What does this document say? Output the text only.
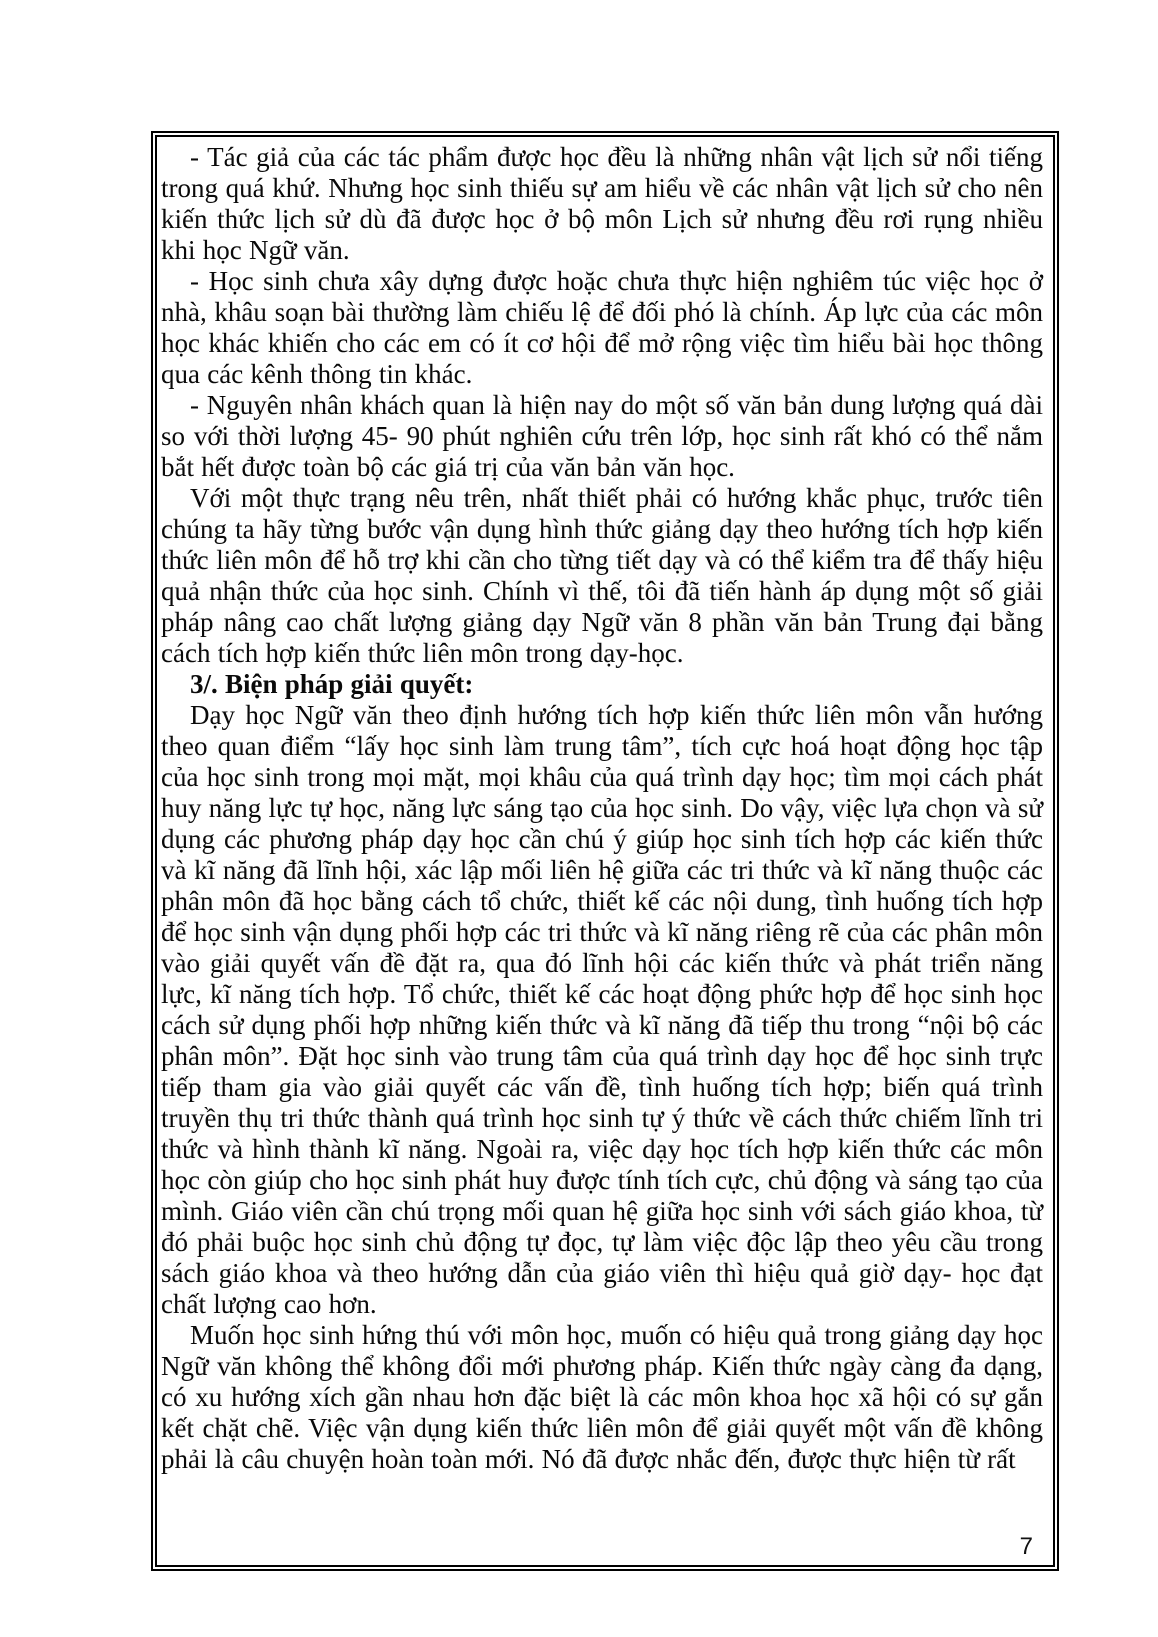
- Tác giả của các tác phẩm được học đều là những nhân vật lịch sử nổi tiếng trong quá khứ. Nhưng học sinh thiếu sự am hiểu về các nhân vật lịch sử cho nên kiến thức lịch sử dù đã được học ở bộ môn Lịch sử nhưng đều rơi rụng nhiều khi học Ngữ văn.

- Học sinh chưa xây dựng được hoặc chưa thực hiện nghiêm túc việc học ở nhà, khâu soạn bài thường làm chiếu lệ để đối phó là chính. Áp lực của các môn học khác khiến cho các em có ít cơ hội để mở rộng việc tìm hiểu bài học thông qua các kênh thông tin khác.

- Nguyên nhân khách quan là hiện nay do một số văn bản dung lượng quá dài so với thời lượng 45- 90 phút nghiên cứu trên lớp, học sinh rất khó có thể nắm bắt hết được toàn bộ các giá trị của văn bản văn học.

Với một thực trạng nêu trên, nhất thiết phải có hướng khắc phục, trước tiên chúng ta hãy từng bước vận dụng hình thức giảng dạy theo hướng tích hợp kiến thức liên môn để hỗ trợ khi cần cho từng tiết dạy và có thể kiểm tra để thấy hiệu quả nhận thức của học sinh. Chính vì thế, tôi đã tiến hành áp dụng một số giải pháp nâng cao chất lượng giảng dạy Ngữ văn 8 phần văn bản Trung đại bằng cách tích hợp kiến thức liên môn trong dạy-học.

3/. Biện pháp giải quyết:

Dạy học Ngữ văn theo định hướng tích hợp kiến thức liên môn vẫn hướng theo quan điểm “lấy học sinh làm trung tâm”, tích cực hoá hoạt động học tập của học sinh trong mọi mặt, mọi khâu của quá trình dạy học; tìm mọi cách phát huy năng lực tự học, năng lực sáng tạo của học sinh. Do vậy, việc lựa chọn và sử dụng các phương pháp dạy học cần chú ý giúp học sinh tích hợp các kiến thức và kĩ năng đã lĩnh hội, xác lập mối liên hệ giữa các tri thức và kĩ năng thuộc các phân môn đã học bằng cách tổ chức, thiết kế các nội dung, tình huống tích hợp để học sinh vận dụng phối hợp các tri thức và kĩ năng riêng rẽ của các phân môn vào giải quyết vấn đề đặt ra, qua đó lĩnh hội các kiến thức và phát triển năng lực, kĩ năng tích hợp. Tổ chức, thiết kế các hoạt động phức hợp để học sinh học cách sử dụng phối hợp những kiến thức và kĩ năng đã tiếp thu trong “nội bộ các phân môn”. Đặt học sinh vào trung tâm của quá trình dạy học để học sinh trực tiếp tham gia vào giải quyết các vấn đề, tình huống tích hợp; biến quá trình truyền thụ tri thức thành quá trình học sinh tự ý thức về cách thức chiếm lĩnh tri thức và hình thành kĩ năng. Ngoài ra, việc dạy học tích hợp kiến thức các môn học còn giúp cho học sinh phát huy được tính tích cực, chủ động và sáng tạo của mình. Giáo viên cần chú trọng mối quan hệ giữa học sinh với sách giáo khoa, từ đó phải buộc học sinh chủ động tự đọc, tự làm việc độc lập theo yêu cầu trong sách giáo khoa và theo hướng dẫn của giáo viên thì hiệu quả giờ dạy- học đạt chất lượng cao hơn.

Muốn học sinh hứng thú với môn học, muốn có hiệu quả trong giảng dạy học Ngữ văn không thể không đổi mới phương pháp. Kiến thức ngày càng đa dạng, có xu hướng xích gần nhau hơn đặc biệt là các môn khoa học xã hội có sự gắn kết chặt chẽ. Việc vận dụng kiến thức liên môn để giải quyết một vấn đề không phải là câu chuyện hoàn toàn mới. Nó đã được nhắc đến, được thực hiện từ rất

7
